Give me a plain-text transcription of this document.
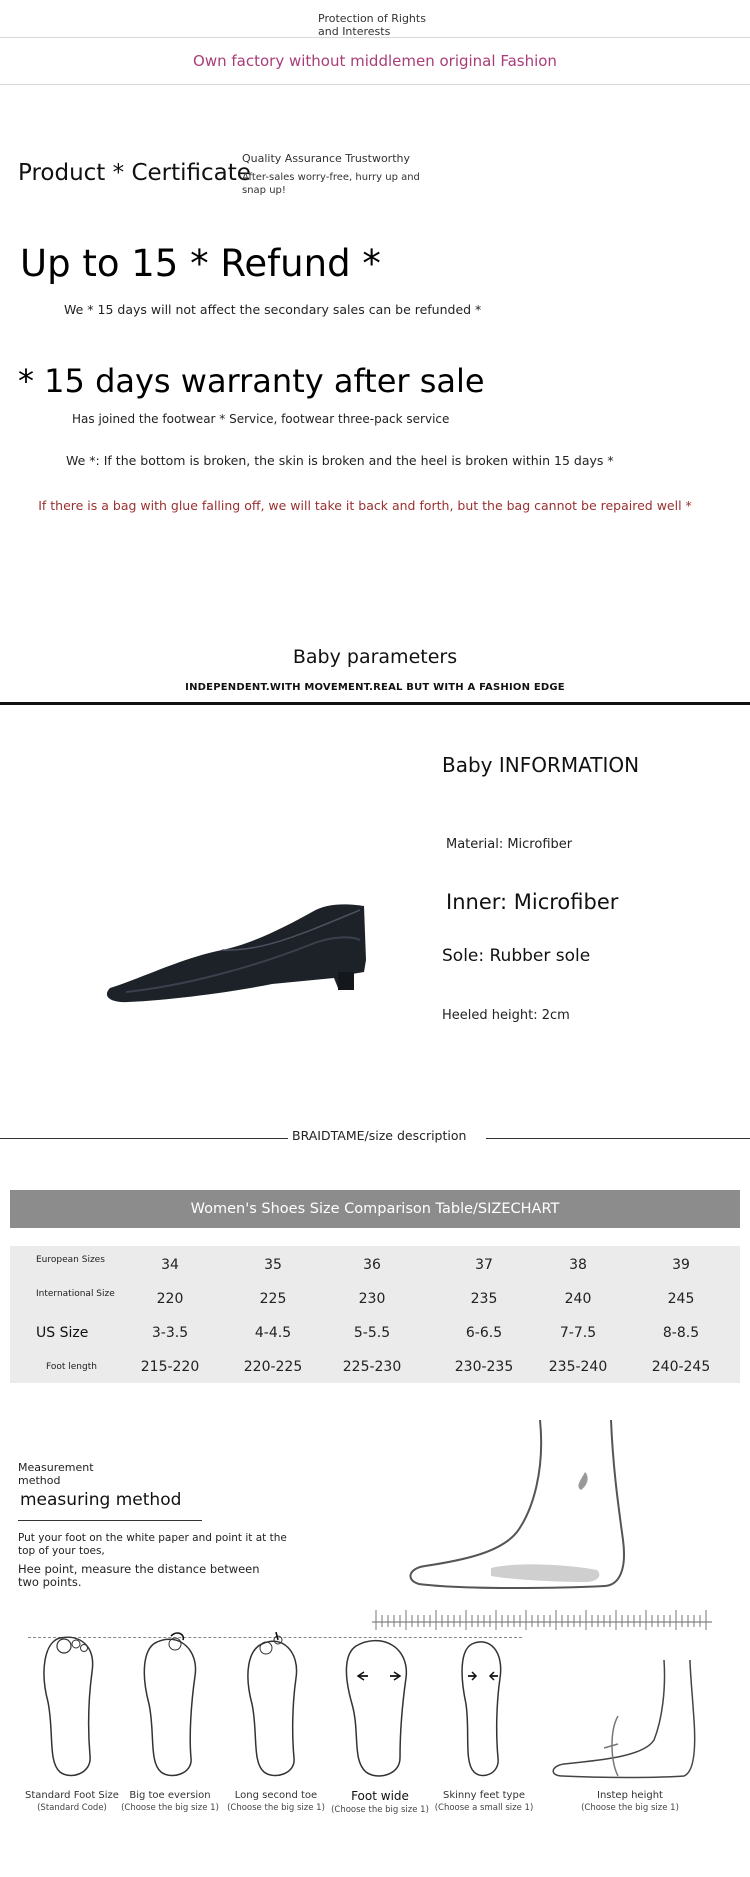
Protection of Rights
and Interests
Own factory without middlemen original Fashion
Product * Certificate
Quality Assurance Trustworthy
After-sales worry-free, hurry up and snap up!
Up to 15 * Refund *
We * 15 days will not affect the secondary sales can be refunded *
* 15 days warranty after sale
Has joined the footwear * Service, footwear three-pack service
We *: If the bottom is broken, the skin is broken and the heel is broken within 15 days *
If there is a bag with glue falling off, we will take it back and forth, but the bag cannot be repaired well *
Baby parameters
INDEPENDENT.WITH MOVEMENT.REAL BUT WITH A FASHION EDGE
Baby INFORMATION
Material: Microfiber
Inner: Microfiber
Sole: Rubber sole
Heeled height: 2cm
BRAIDTAME/size description
Women's Shoes Size Comparison Table/SIZECHART
European Sizes	34	35	36	37	38	39
International Size	220	225	230	235	240	245
US Size	3-3.5	4-4.5	5-5.5	6-6.5	7-7.5	8-8.5
Foot length	215-220	220-225	225-230	230-235	235-240	240-245
Measurement
method
measuring method
Put your foot on the white paper and point it at the top of your toes,
Hee point, measure the distance between two points.
Standard Foot Size
(Standard Code)
Big toe eversion
(Choose the big size 1)
Long second toe
(Choose the big size 1)
Foot wide
(Choose the big size 1)
Skinny feet type
(Choose a small size 1)
Instep height
(Choose the big size 1)
